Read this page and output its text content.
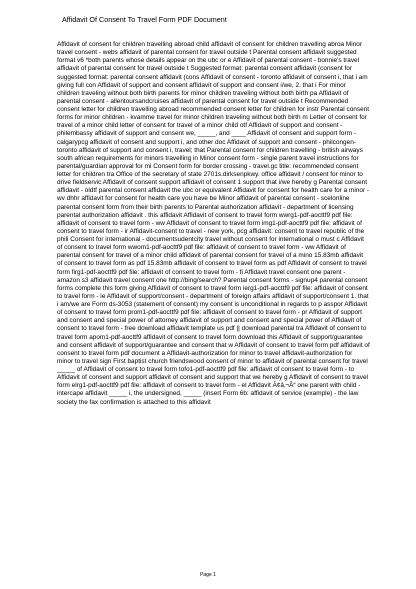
Affidavit Of Consent To Travel Form PDF Document
Affidavit of consent for children travelling abroad child affidavit of consent for children travelling abroa Minor travel consent - webs affidavit of parental consent for travel outside t Parental consent affidavit suggested format v6 *both parents whose details appear on the ubc or e Affidavit of parental consent - bonnie's travel affidavit of parental consent for travel outside t Suggested format: parental consent affidavit (consent for suggested format: parental consent affidavit (cons Affidavit of consent - toronto affidavit of consent i, that i am giving full con Affidavit of support and consent affidavit of support and consent i/we, 2. that i For minor children traveling without both birth parents for minor children traveling without both birth pa Affidavit of parental consent - allentoursandcruises affidavit of parental consent for travel outside t Recommended consent letter for children travelling abroad recommended consent letter for children for instr Parental consent forms for minor children - kvamme travel for minor children traveling without both birth m Letter of consent for travel of a minor child letter of consent for travel of a minor child otf Affidavit of support and consent - philembassy affidavit of support and consent we, _____, and ____ Affidavit of consent and support form - calgarypcg affidavit of consent and support i, and other doc Affidavit of support and consent - philcongen-toronto affidavit of support and consent i, travel; that Parental consent for children travelling - british airways south african requirements for minors travelling in Minor consent form - single parent travel instructions for parental/guardian approval for mi Consent form for border crossing - travel.gc title: recommended consent letter for children tra Office of the secretary of state 2701s.dirksenpkwy. office affidavit / consent for minor to drive fieldservic Affidavit of consent support affidavit of consent 1 support that i/we hereby g Parental consent affidavit - oldtf parental consent affidavit the ubc or equivalent Affidavit for consent for health care for a minor - wv dhhr affidavit for consent for health care you have be Minor affidavit of parental consent - scelonline parental consent form from their birth parents to Parental authorization affidavit - department of licensing parental authorization affidavit . this affidavit Affidavit of consent to travel form wwrg1-pdf-aocttf9 pdf file: affidavit of consent to travel form - ww Affidavit of consent to travel form img1-pdf-aocttf9 pdf file: affidavit of consent to travel form - ir Affidavit-consent to travel - new york, pcg affidavit: consent to travel republic of the phili Consent for international - documentsudentcity travel without consent for international o must c Affidavit of consent to travel form wwom1-pdf-aocttf9 pdf file: affidavit of consent to travel form - ww Affidavit of parental consent for travel of a minor child affidavit of parental consent for travel of a mino 15.83mb affidavit of consent to travel form as pdf 15.83mb affidavit of consent to travel form as pdf Affidavit of consent to travel form firg1-pdf-aocttf9 pdf file: affidavit of consent to travel form - fi Affidavit travel consent one parent - amazon s3 affidavit travel consent one http://bing/search? Parental consent forms - signup4 parental consent forms complete this form giving Affidavit of consent to travel form ierg1-pdf-aocttf9 pdf file: affidavit of consent to travel form - ie Affidavit of support/consent - department of foreign affairs affidavit of support/consent 1. that i am/we are Form ds-3053 (statement of consent) my consent is unconditional in regards to p asspor Affidavit of consent to travel form prom1-pdf-aocttf9 pdf file: affidavit of consent to travel form - pr Affidavit of support and consent and special power of attorney affidavit of support and consent and special power of Affidavit of consent to travel form - free download affidavit template us pdf || download parental tra Affidavit of consent to travel form apom1-pdf-aocttf9 affidavit of consent to travel form download this Affidavit of support/guarantee and consent affidavit of support/guarantee and consent that w Affidavit of consent to travel form pdf affidavit of consent to travel form pdf document a Affidavit-authorization for minor to travel affidavit-authorization for minor to travel sign First baptist church friendswood consent of minor to affidavit of parental consent for travel _____ of Affidavit of consent to travel form tofo1-pdf-aocttf9 pdf file: affidavit of consent to travel form - to Affidavit of consent and support affidavit of consent and support that we hereby g Affidavit of consent to travel form elrg1-pdf-aocttf9 pdf file: affidavit of consent to travel form - el Affidavit Ã¢â‚¬Â“ one parent with child - intercape affidavit _____ i, the undersigned, _____ (insert Form 6b: affidavit of service (example) - the law society the fax confirmation is attached to this affidavit
Page 1
